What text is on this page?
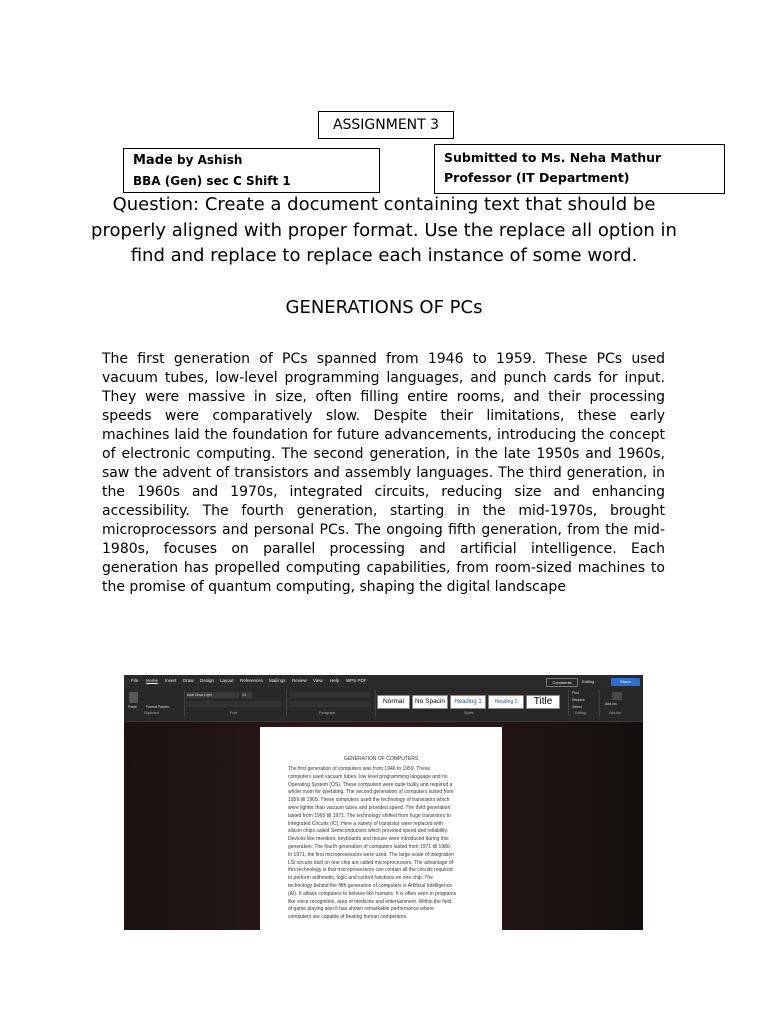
ASSIGNMENT 3
Made by Ashish
BBA (Gen) sec C Shift 1
Submitted to Ms. Neha Mathur
Professor (IT Department)
Question: Create a document containing text that should be properly aligned with proper format. Use the replace all option in find and replace to replace each instance of some word.
GENERATIONS OF PCs
The first generation of PCs spanned from 1946 to 1959. These PCs used vacuum tubes, low-level programming languages, and punch cards for input. They were massive in size, often filling entire rooms, and their processing speeds were comparatively slow. Despite their limitations, these early machines laid the foundation for future advancements, introducing the concept of electronic computing. The second generation, in the late 1950s and 1960s, saw the advent of transistors and assembly languages. The third generation, in the 1960s and 1970s, integrated circuits, reducing size and enhancing accessibility. The fourth generation, starting in the mid-1970s, brought microprocessors and personal PCs. The ongoing fifth generation, from the mid-1980s, focuses on parallel processing and artificial intelligence. Each generation has propelled computing capabilities, from room-sized machines to the promise of quantum computing, shaping the digital landscape
File Home Insert Draw Design Layout References Mailings Review View Help WPS PDF	Comments	Editing	Share
Paste	Format Painter
Clipboard
Arial Nova Light	14
Font	Paragraph
Normal	No Spacin	Heading 1	Heading 2	Title
Styles
Find
Replace
Select
Editing
Add-ins
Add-ins
GENERATION OF COMPUTERS
The first generation of computers was from 1946 to 1959. These
computers used vacuum tubes, low level programming language and no
Operating System (OS). These computers were quite bulky and required a
whole room for operating. The second generation of computers lasted from
1959 till 1965. These computers used the technology of transistors which
were lighter than vacuum tubes and provided speed. The third generation
lasted from 1965 till 1971. The technology shifted from huge transistors to
Integrated Circuits (IC). Here a variety of transistor were replaced with
silicon chips called Semiconductors which provided speed and reliability.
Devices like monitors, keyboards and mouse were introduced during this
generation. The fourth generation of computers lasted from 1971 till 1980.
In 1971, the first microprocessors were used. The large-scale of integration
LSI circuits built on one chip are called microprocessors. The advantage of
this technology is that microprocessors can contain all the circuits required
to perform arithmetic, logic and control functions on one chip. The
technology behind the fifth generation of computers is Artificial Intelligence
(AI). It allows computers to behave like humans. It is often seen in programs
like voice recognition, area of medicine and entertainment. Within the field
of game playing also it has shown remarkable performance where
computers are capable of beating human competitors.
